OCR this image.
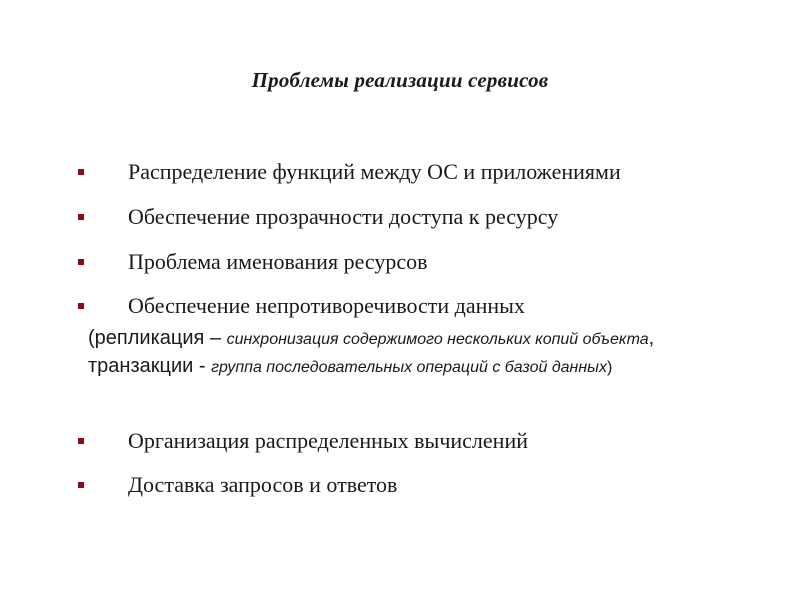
Проблемы реализации сервисов
Распределение функций между ОС и приложениями
Обеспечение прозрачности доступа к ресурсу
Проблема именования ресурсов
Обеспечение непротиворечивости данных
(репликация – синхронизация содержимого нескольких копий объекта, транзакции - группа последовательных операций с базой данных)
Организация распределенных вычислений
Доставка запросов и ответов
